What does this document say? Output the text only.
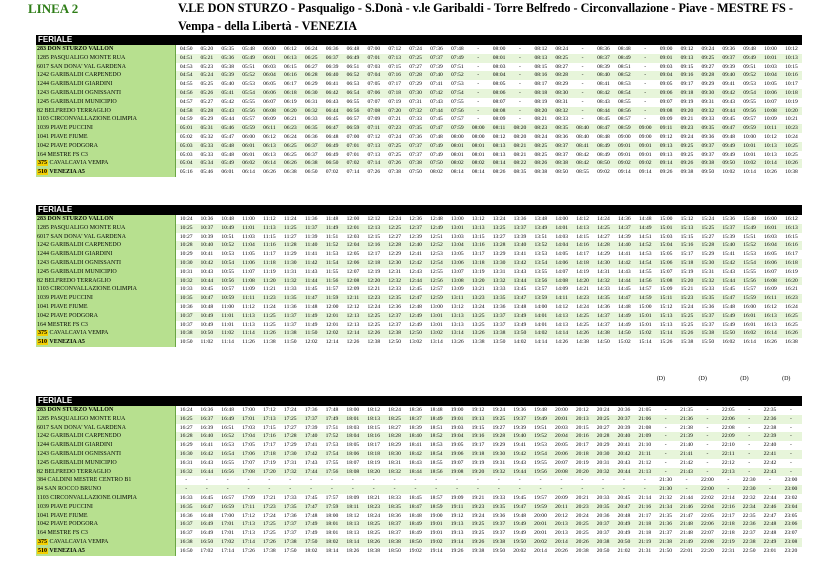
LINEA 2	V.LE DON STURZO - Pasqualigo - S.Donà - v.le Garibaldi - Torre Belfredo - Circonvallazione - Piave - MESTRE FS - Vempa - della Libertà - VENEZIA
FERIALE
283 DON STURZO VALLON	04:50	05:20	05:35	05:48	06:00	06:12	06:24	06:36	06:48	07:00	07:12	07:24	07:36	07:48	-	08:00	-	08:12	08:24	-	08:36	08:48	-	09:00	09:12	09:24	09:36	09:48	10:00	10:12
1285 PASQUALIGO MONTE RUA	04:51	05:21	05:36	05:49	06:01	06:13	06:25	06:37	06:49	07:01	07:13	07:25	07:37	07:49	-	08:01	-	08:13	08:25	-	08:37	08:49	-	09:01	09:13	09:25	09:37	09:49	10:01	10:13
6017 SAN DONA' VAL GARDENA	04:53	05:23	05:38	05:51	06:03	06:15	06:27	06:39	06:51	07:03	07:15	07:27	07:39	07:51	-	08:03	-	08:15	08:27	-	08:39	08:51	-	09:03	09:15	09:27	09:39	09:51	10:03	10:15
1242 GARIBALDI CARPENEDO	04:54	05:24	05:39	05:52	06:04	06:16	06:28	06:40	06:52	07:04	07:16	07:28	07:40	07:52	-	08:04	-	08:16	08:28	-	08:40	08:52	-	09:04	09:16	09:28	09:40	09:52	10:04	10:16
1244 GARIBALDI GIARDINI	04:55	05:25	05:40	05:53	06:05	06:17	06:29	06:41	06:53	07:05	07:17	07:29	07:41	07:53	-	08:05	-	08:17	08:29	-	08:41	08:53	-	09:05	09:17	09:29	09:41	09:53	10:05	10:17
1243 GARIBALDI OGNISSANTI	04:56	05:26	05:41	05:54	06:06	06:18	06:30	06:42	06:54	07:06	07:18	07:30	07:42	07:54	-	08:06	-	08:18	08:30	-	08:42	08:54	-	09:06	09:18	09:30	09:42	09:54	10:06	10:18
1245 GARIBALDI MUNICIPIO	04:57	05:27	05:42	05:55	06:07	06:19	06:31	06:43	06:55	07:07	07:19	07:31	07:43	07:55	-	08:07	-	08:19	08:31	-	08:43	08:55	-	09:07	09:19	09:31	09:43	09:55	10:07	10:19
82 BELFREDO TERRAGLIO	04:58	05:28	05:43	05:56	06:08	06:20	06:32	06:44	06:56	07:08	07:20	07:32	07:44	07:56	-	08:08	-	08:20	08:32	-	08:44	08:56	-	09:08	09:20	09:32	09:44	09:56	10:08	10:20
1103 CIRCONVALLAZIONE OLIMPIA	04:59	05:29	05:44	05:57	06:09	06:21	06:33	06:45	06:57	07:09	07:21	07:33	07:45	07:57	-	08:09	-	08:21	08:33	-	08:45	08:57	-	09:09	09:21	09:33	09:45	09:57	10:09	10:21
1039 PIAVE PUCCINI	05:01	05:31	05:46	05:59	06:11	06:23	06:35	06:47	06:59	07:11	07:23	07:35	07:47	07:59	08:00	08:11	08:20	08:23	08:35	08:40	08:47	08:59	09:00	09:11	09:23	09:35	09:47	09:59	10:11	10:23
1041 PIAVE FIUME	05:02	05:32	05:47	06:00	06:12	06:24	06:36	06:48	07:00	07:12	07:24	07:36	07:48	08:00	08:00	08:12	08:20	08:24	08:36	08:40	08:48	09:00	09:00	09:12	09:24	09:36	09:48	10:00	10:12	10:24
1042 PIAVE PODGORA	05:03	05:33	05:48	06:01	06:13	06:25	06:37	06:49	07:01	07:13	07:25	07:37	07:49	08:01	08:01	08:13	08:21	08:25	08:37	08:41	08:49	09:01	09:01	09:13	09:25	09:37	09:49	10:01	10:13	10:25
164 MESTRE FS C3	05:03	05:33	05:48	06:01	06:13	06:25	06:37	06:49	07:01	07:13	07:25	07:37	07:49	08:01	08:01	08:13	08:21	08:25	08:37	08:42	08:49	09:01	09:01	09:13	09:25	09:37	09:49	10:01	10:13	10:25
375 CAVALCAVIA VEMPA	05:04	05:34	05:49	06:02	06:14	06:26	06:38	06:50	07:02	07:14	07:26	07:38	07:50	08:02	08:02	08:14	08:22	08:26	08:38	08:42	08:50	09:02	09:02	09:14	09:26	09:38	09:50	10:02	10:14	10:26
510 VENEZIA A5	05:16	05:46	06:01	06:14	06:26	06:38	06:50	07:02	07:14	07:26	07:38	07:50	08:02	08:14	08:14	08:26	08:35	08:38	08:50	08:55	09:02	09:14	09:14	09:26	09:38	09:50	10:02	10:14	10:26	10:38
FERIALE
283 DON STURZO VALLON	10:24	10:36	10:48	11:00	11:12	11:24	11:36	11:48	12:00	12:12	12:24	12:36	12:48	13:00	13:12	13:24	13:36	13:48	14:00	14:12	14:24	14:36	14:48	15:00	15:12	15:24	15:36	15:48	16:00	16:12
1285 PASQUALIGO MONTE RUA	10:25	10:37	10:49	11:01	11:13	11:25	11:37	11:49	12:01	12:13	12:25	12:37	12:49	13:01	13:13	13:25	13:37	13:49	14:01	14:13	14:25	14:37	14:49	15:01	15:13	15:25	15:37	15:49	16:01	16:13
6017 SAN DONA' VAL GARDENA	10:27	10:39	10:51	11:03	11:15	11:27	11:39	11:51	12:03	12:15	12:27	12:39	12:51	13:03	13:15	13:27	13:39	13:51	14:03	14:15	14:27	14:39	14:51	15:03	15:15	15:27	15:39	15:51	16:03	16:15
1242 GARIBALDI CARPENEDO	10:28	10:40	10:52	11:04	11:16	11:28	11:40	11:52	12:04	12:16	12:28	12:40	12:52	13:04	13:16	13:28	13:40	13:52	14:04	14:16	14:28	14:40	14:52	15:04	15:16	15:28	15:40	15:52	16:04	16:16
1244 GARIBALDI GIARDINI	10:29	10:41	10:53	11:05	11:17	11:29	11:41	11:53	12:05	12:17	12:29	12:41	12:53	13:05	13:17	13:29	13:41	13:53	14:05	14:17	14:29	14:41	14:53	15:05	15:17	15:29	15:41	15:53	16:05	16:17
1243 GARIBALDI OGNISSANTI	10:30	10:42	10:54	11:06	11:18	11:30	11:42	11:54	12:06	12:18	12:30	12:42	12:54	13:06	13:18	13:30	13:42	13:54	14:06	14:18	14:30	14:42	14:54	15:06	15:18	15:30	15:42	15:54	16:06	16:18
1245 GARIBALDI MUNICIPIO	10:31	10:43	10:55	11:07	11:19	11:31	11:43	11:55	12:07	12:19	12:31	12:43	12:55	13:07	13:19	13:31	13:43	13:55	14:07	14:19	14:31	14:43	14:55	15:07	15:19	15:31	15:43	15:55	16:07	16:19
82 BELFREDO TERRAGLIO	10:32	10:44	10:56	11:08	11:20	11:32	11:44	11:56	12:08	12:20	12:32	12:44	12:56	13:08	13:20	13:32	13:44	13:56	14:08	14:20	14:32	14:44	14:56	15:08	15:20	15:32	15:44	15:56	16:08	16:20
1103 CIRCONVALLAZIONE OLIMPIA	10:33	10:45	10:57	11:09	11:21	11:33	11:45	11:57	12:09	12:21	12:33	12:45	12:57	13:09	13:21	13:33	13:45	13:57	14:09	14:21	14:33	14:45	14:57	15:09	15:21	15:33	15:45	15:57	16:09	16:21
1039 PIAVE PUCCINI	10:35	10:47	10:59	11:11	11:23	11:35	11:47	11:59	12:11	12:23	12:35	12:47	12:59	13:11	13:23	13:35	13:47	13:59	14:11	14:23	14:35	14:47	14:59	15:11	15:23	15:35	15:47	15:59	16:11	16:23
1041 PIAVE FIUME	10:36	10:48	11:00	11:12	11:24	11:36	11:48	12:00	12:12	12:24	12:36	12:48	13:00	13:12	13:24	13:36	13:48	14:00	14:12	14:24	14:36	14:48	15:00	15:12	15:24	15:36	15:48	16:00	16:12	16:24
1042 PIAVE PODGORA	10:37	10:49	11:01	11:13	11:25	11:37	11:49	12:01	12:13	12:25	12:37	12:49	13:01	13:13	13:25	13:37	13:49	14:01	14:13	14:25	14:37	14:49	15:01	15:13	15:25	15:37	15:49	16:01	16:13	16:25
164 MESTRE FS C3	10:37	10:49	11:01	11:13	11:25	11:37	11:49	12:01	12:13	12:25	12:37	12:49	13:01	13:13	13:25	13:37	13:49	14:01	14:13	14:25	14:37	14:49	15:01	15:13	15:25	15:37	15:49	16:01	16:13	16:25
375 CAVALCAVIA VEMPA	10:38	10:50	11:02	11:14	11:26	11:38	11:50	12:02	12:14	12:26	12:38	12:50	13:02	13:14	13:26	13:38	13:50	14:02	14:14	14:26	14:38	14:50	15:02	15:14	15:26	15:38	15:50	16:02	16:14	16:26
510 VENEZIA A5	10:50	11:02	11:14	11:26	11:38	11:50	12:02	12:14	12:26	12:38	12:50	13:02	13:14	13:26	13:38	13:50	14:02	14:14	14:26	14:38	14:50	15:02	15:14	15:26	15:38	15:50	16:02	16:14	16:26	16:38
(D)	(D)	(D)	(D)
FERIALE
283 DON STURZO VALLON	16:24	16:36	16:48	17:00	17:12	17:24	17:36	17:48	18:00	18:12	18:24	18:36	18:48	19:00	19:12	19:24	19:36	19:48	20:00	20:12	20:24	20:36	21:05	-	21:35	-	22:05	-	22:35	-
1285 PASQUALIGO MONTE RUA	16:25	16:37	16:49	17:01	17:13	17:25	17:37	17:49	18:01	18:13	18:25	18:37	18:49	19:01	19:13	19:25	19:37	19:49	20:01	20:13	20:25	20:37	21:06	-	21:36	-	22:06	-	22:36	-
6017 SAN DONA' VAL GARDENA	16:27	16:39	16:51	17:03	17:15	17:27	17:39	17:51	18:03	18:15	18:27	18:39	18:51	19:03	19:15	19:27	19:39	19:51	20:03	20:15	20:27	20:39	21:08	-	21:38	-	22:08	-	22:38	-
1242 GARIBALDI CARPENEDO	16:28	16:40	16:52	17:04	17:16	17:28	17:40	17:52	18:04	18:16	18:28	18:40	18:52	19:04	19:16	19:28	19:40	19:52	20:04	20:16	20:28	20:40	21:09	-	21:39	-	22:09	-	22:39	-
1244 GARIBALDI GIARDINI	16:29	16:41	16:53	17:05	17:17	17:29	17:41	17:53	18:05	18:17	18:29	18:41	18:53	19:05	19:17	19:29	19:41	19:53	20:05	20:17	20:29	20:41	21:10	-	21:40	-	22:10	-	22:40	-
1243 GARIBALDI OGNISSANTI	16:30	16:42	16:54	17:06	17:18	17:30	17:42	17:54	18:06	18:18	18:30	18:42	18:54	19:06	19:18	19:30	19:42	19:54	20:06	20:18	20:30	20:42	21:11	-	21:41	-	22:11	-	22:41	-
1245 GARIBALDI MUNICIPIO	16:31	16:43	16:55	17:07	17:19	17:31	17:43	17:55	18:07	18:19	18:31	18:43	18:55	19:07	19:19	19:31	19:43	19:55	20:07	20:19	20:31	20:43	21:12	-	21:42	-	22:12	-	22:42	-
82 BELFREDO TERRAGLIO	16:32	16:44	16:56	17:08	17:20	17:32	17:44	17:56	18:08	18:20	18:32	18:44	18:56	19:08	19:20	19:32	19:44	19:56	20:08	20:20	20:32	20:44	21:13	-	21:43	-	22:13	-	22:43	-
384 CALDINI MESTRE CENTRO B1	-	-	-	-	-	-	-	-	-	-	-	-	-	-	-	-	-	-	-	-	-	-	-	21:30	-	22:00	-	22:30	-	23:00
84 SAN ROCCO BRUNO	-	-	-	-	-	-	-	-	-	-	-	-	-	-	-	-	-	-	-	-	-	-	-	21:30	-	22:00	-	22:30	-	23:00
1103 CIRCONVALLAZIONE OLIMPIA	16:33	16:45	16:57	17:09	17:21	17:33	17:45	17:57	18:09	18:21	18:33	18:45	18:57	19:09	19:21	19:33	19:45	19:57	20:09	20:21	20:33	20:45	21:14	21:32	21:44	22:02	22:14	22:32	22:44	23:02
1039 PIAVE PUCCINI	16:35	16:47	16:59	17:11	17:23	17:35	17:47	17:59	18:11	18:23	18:35	18:47	18:59	19:11	19:23	19:35	19:47	19:59	20:11	20:23	20:35	20:47	21:16	21:34	21:46	22:04	22:16	22:34	22:46	23:04
1041 PIAVE FIUME	16:36	16:48	17:00	17:12	17:24	17:36	17:48	18:00	18:12	18:24	18:36	18:48	19:00	19:12	19:24	19:36	19:48	20:00	20:12	20:24	20:36	20:48	21:17	21:35	21:47	22:05	22:17	22:35	22:47	23:05
1042 PIAVE PODGORA	16:37	16:49	17:01	17:13	17:25	17:37	17:49	18:01	18:13	18:25	18:37	18:49	19:01	19:13	19:25	19:37	19:49	20:01	20:13	20:25	20:37	20:49	21:18	21:36	21:48	22:06	22:18	22:36	22:48	23:06
164 MESTRE FS C3	16:37	16:49	17:01	17:13	17:25	17:37	17:49	18:01	18:13	18:25	18:37	18:49	19:01	19:13	19:25	19:37	19:49	20:01	20:13	20:25	20:37	20:49	21:18	21:37	21:48	22:07	22:18	22:37	22:48	23:07
375 CAVALCAVIA VEMPA	16:38	16:50	17:02	17:14	17:26	17:38	17:50	18:02	18:14	18:26	18:38	18:50	19:02	19:14	19:26	19:38	19:50	20:02	20:14	20:26	20:38	20:50	21:19	21:38	21:49	22:08	22:19	22:38	22:49	23:08
510 VENEZIA A5	16:50	17:02	17:14	17:26	17:38	17:50	18:02	18:14	18:26	18:38	18:50	19:02	19:14	19:26	19:38	19:50	20:02	20:14	20:26	20:38	20:50	21:02	21:31	21:50	22:01	22:20	22:31	22:50	23:01	23:20
